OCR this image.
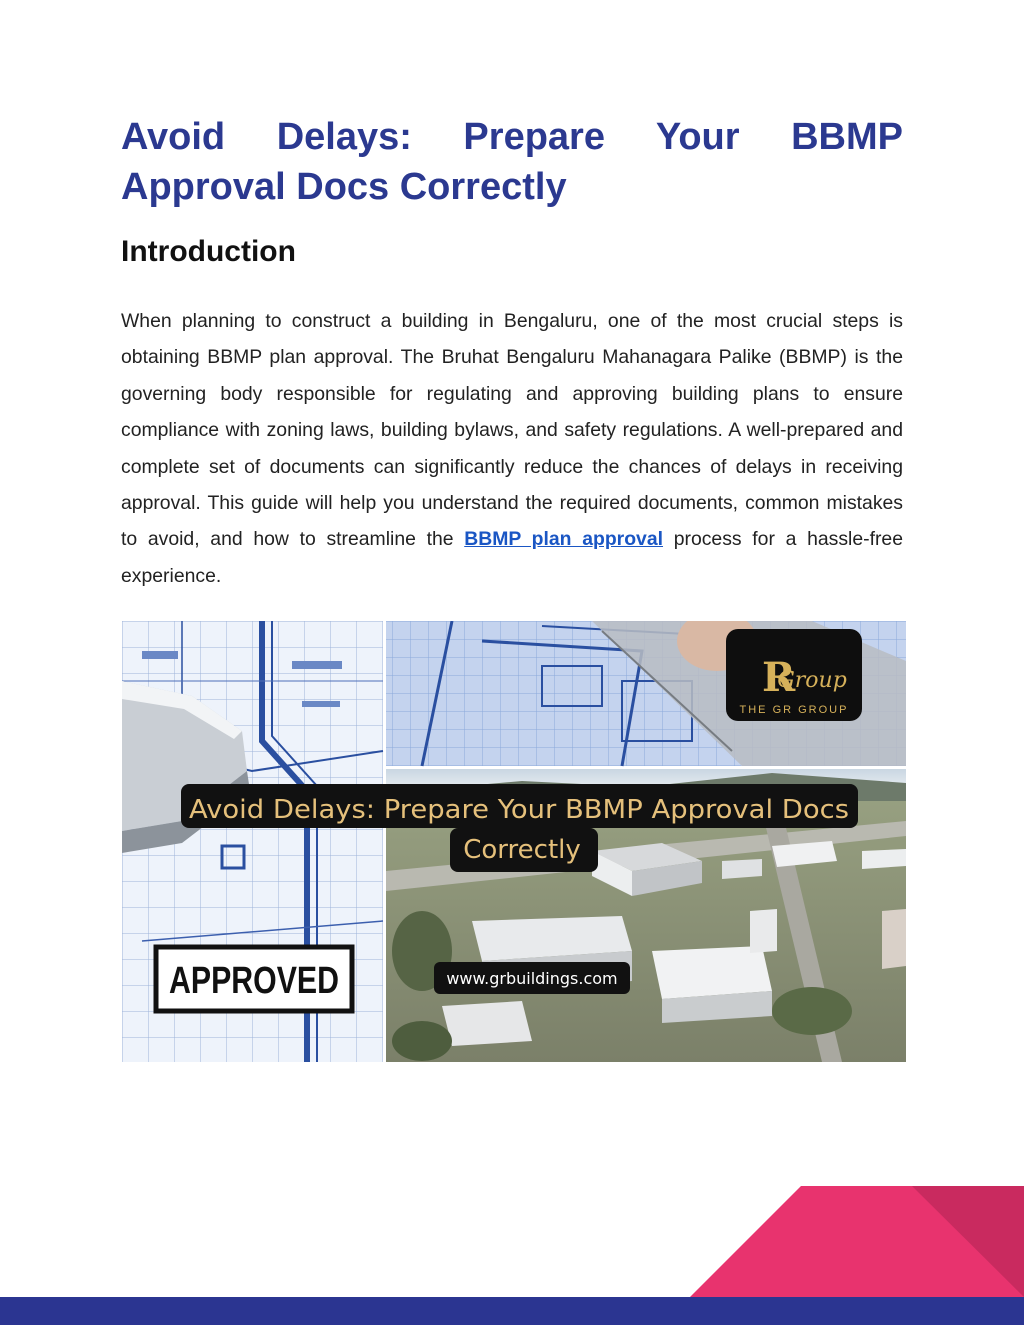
Avoid Delays: Prepare Your BBMP
Approval Docs Correctly
Introduction

When planning to construct a building in Bengaluru, one of the most crucial steps is obtaining BBMP plan approval. The Bruhat Bengaluru Mahanagara Palike (BBMP) is the governing body responsible for regulating and approving building plans to ensure compliance with zoning laws, building bylaws, and safety regulations. A well-prepared and complete set of documents can significantly reduce the chances of delays in receiving approval. This guide will help you understand the required documents, common mistakes to avoid, and how to streamline the BBMP plan approval process for a hassle-free experience.

APPROVED
Group
R
THE GR GROUP
Avoid Delays: Prepare Your BBMP Approval Docs
Correctly
www.grbuildings.com
